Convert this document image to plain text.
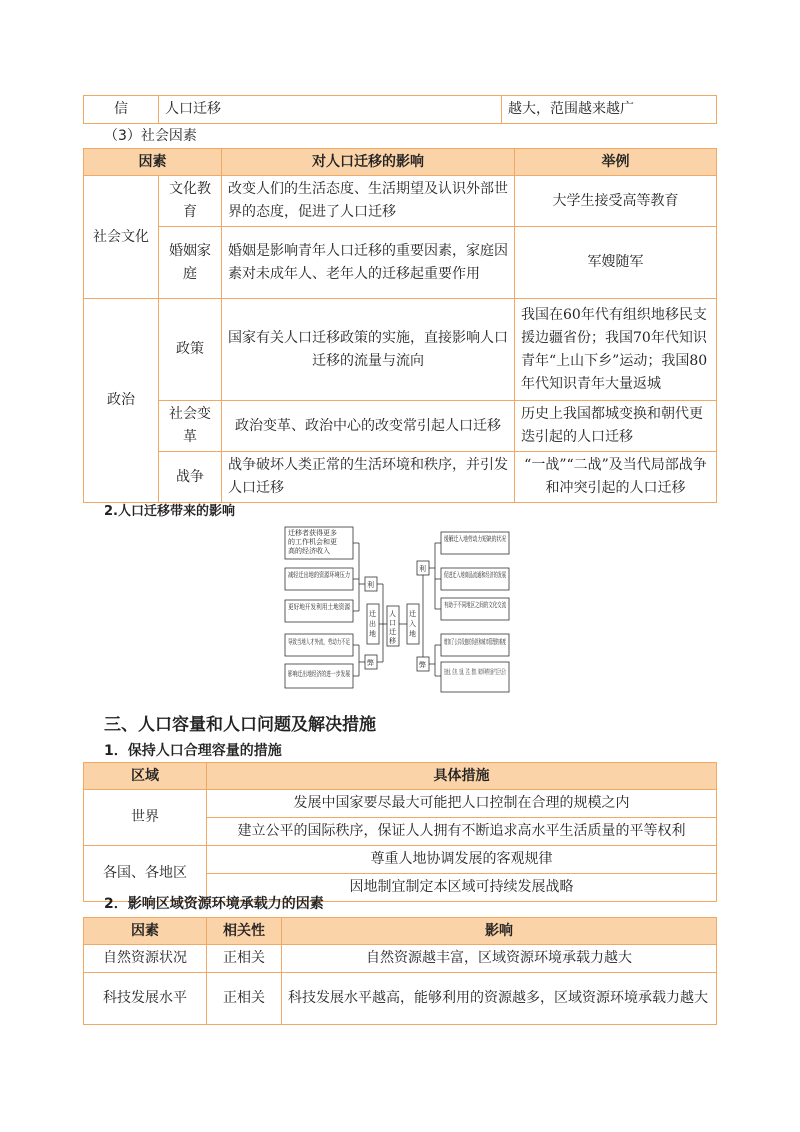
信	人口迁移	越大，范围越来越广
（3）社会因素
因素		对人口迁移的影响	举例
社会文化	文化教育	改变人们的生活态度、生活期望及认识外部世界的态度，促进了人口迁移	大学生接受高等教育
	婚姻家庭	婚姻是影响青年人口迁移的重要因素，家庭因素对未成年人、老年人的迁移起重要作用	军嫂随军
政治	政策	国家有关人口迁移政策的实施，直接影响人口迁移的流量与流向	我国在60年代有组织地移民支援边疆省份；我国70年代知识青年“上山下乡”运动；我国80年代知识青年大量返城
	社会变革	政治变革、政治中心的改变常引起人口迁移	历史上我国都城变换和朝代更迭引起的人口迁移
	战争	战争破坏人类正常的生活环境和秩序，并引发人口迁移	“一战”“二战”及当代局部战争和冲突引起的人口迁移
2.人口迁移带来的影响
迁移者获得更多
的工作机会和更
高的经济收入
减轻迁出地的资源环境压力
更好地开发利用土地资源
导致当地人才外流，劳动力不足
影响迁出地经济的进一步发展
利
弊
迁
出
地
人
口
迁
移
迁
入
地
利
弊
缓解迁入地劳动力短缺的状况
促进迁入地商品流通和经济的发展
有助于不同地区之间的文化交流
在就业、住房、交通、卫生、教育、城市环境等方面产生巨大压力
三、人口容量和人口问题及解决措施
1．保持人口合理容量的措施
区域	具体措施
世界	发展中国家要尽最大可能把人口控制在合理的规模之内
	建立公平的国际秩序，保证人人拥有不断追求高水平生活质量的平等权利
各国、各地区	尊重人地协调发展的客观规律
	因地制宜制定本区域可持续发展战略
2．影响区域资源环境承载力的因素
因素	相关性	影响
自然资源状况	正相关	自然资源越丰富，区域资源环境承载力越大
科技发展水平	正相关	科技发展水平越高，能够利用的资源越多，区域资源环境承载力越大
